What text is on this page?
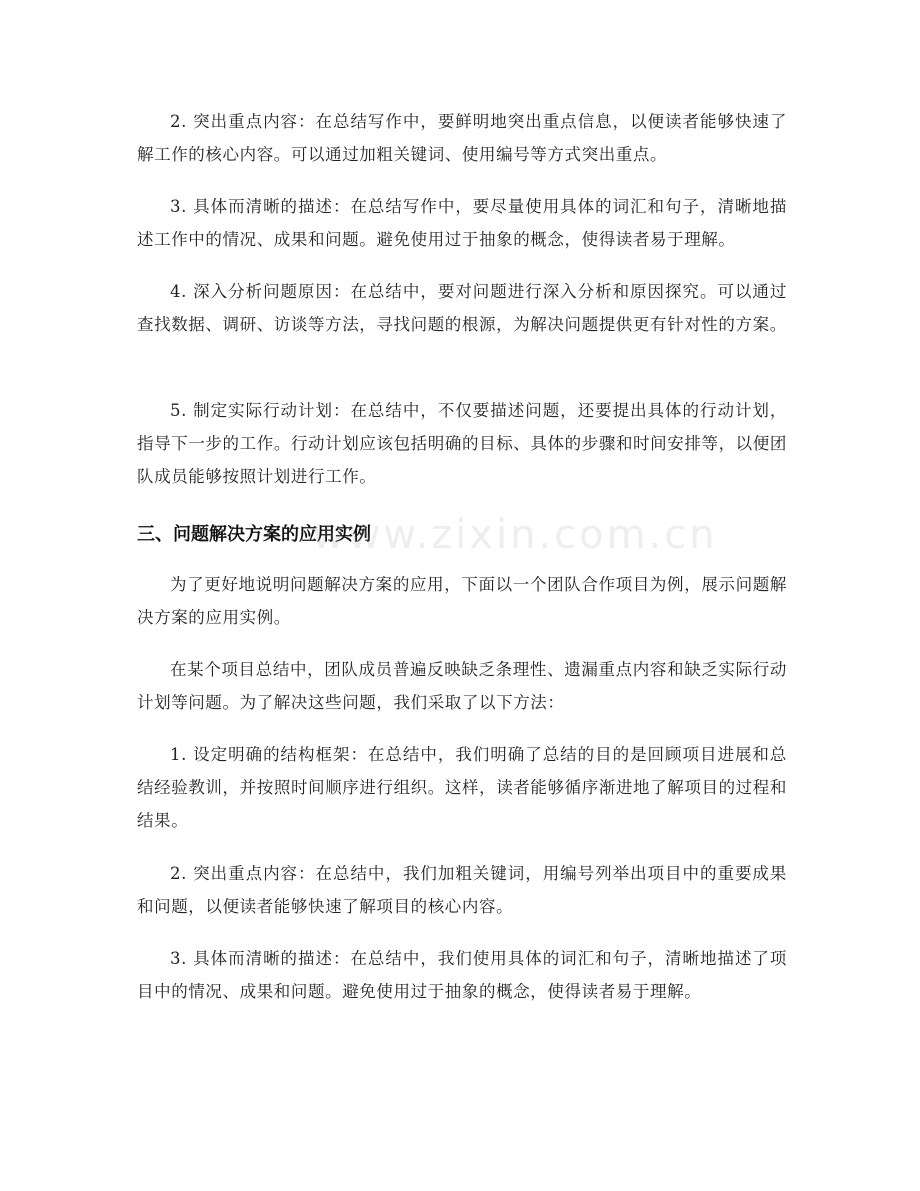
2. 突出重点内容：在总结写作中，要鲜明地突出重点信息，以便读者能够快速了解工作的核心内容。可以通过加粗关键词、使用编号等方式突出重点。

3. 具体而清晰的描述：在总结写作中，要尽量使用具体的词汇和句子，清晰地描述工作中的情况、成果和问题。避免使用过于抽象的概念，使得读者易于理解。

4. 深入分析问题原因：在总结中，要对问题进行深入分析和原因探究。可以通过查找数据、调研、访谈等方法，寻找问题的根源，为解决问题提供更有针对性的方案。

5. 制定实际行动计划：在总结中，不仅要描述问题，还要提出具体的行动计划，指导下一步的工作。行动计划应该包括明确的目标、具体的步骤和时间安排等，以便团队成员能够按照计划进行工作。

三、问题解决方案的应用实例

为了更好地说明问题解决方案的应用，下面以一个团队合作项目为例，展示问题解决方案的应用实例。

在某个项目总结中，团队成员普遍反映缺乏条理性、遗漏重点内容和缺乏实际行动计划等问题。为了解决这些问题，我们采取了以下方法：

1. 设定明确的结构框架：在总结中，我们明确了总结的目的是回顾项目进展和总结经验教训，并按照时间顺序进行组织。这样，读者能够循序渐进地了解项目的过程和结果。

2. 突出重点内容：在总结中，我们加粗关键词，用编号列举出项目中的重要成果和问题，以便读者能够快速了解项目的核心内容。

3. 具体而清晰的描述：在总结中，我们使用具体的词汇和句子，清晰地描述了项目中的情况、成果和问题。避免使用过于抽象的概念，使得读者易于理解。

www.zixin.com.cn
